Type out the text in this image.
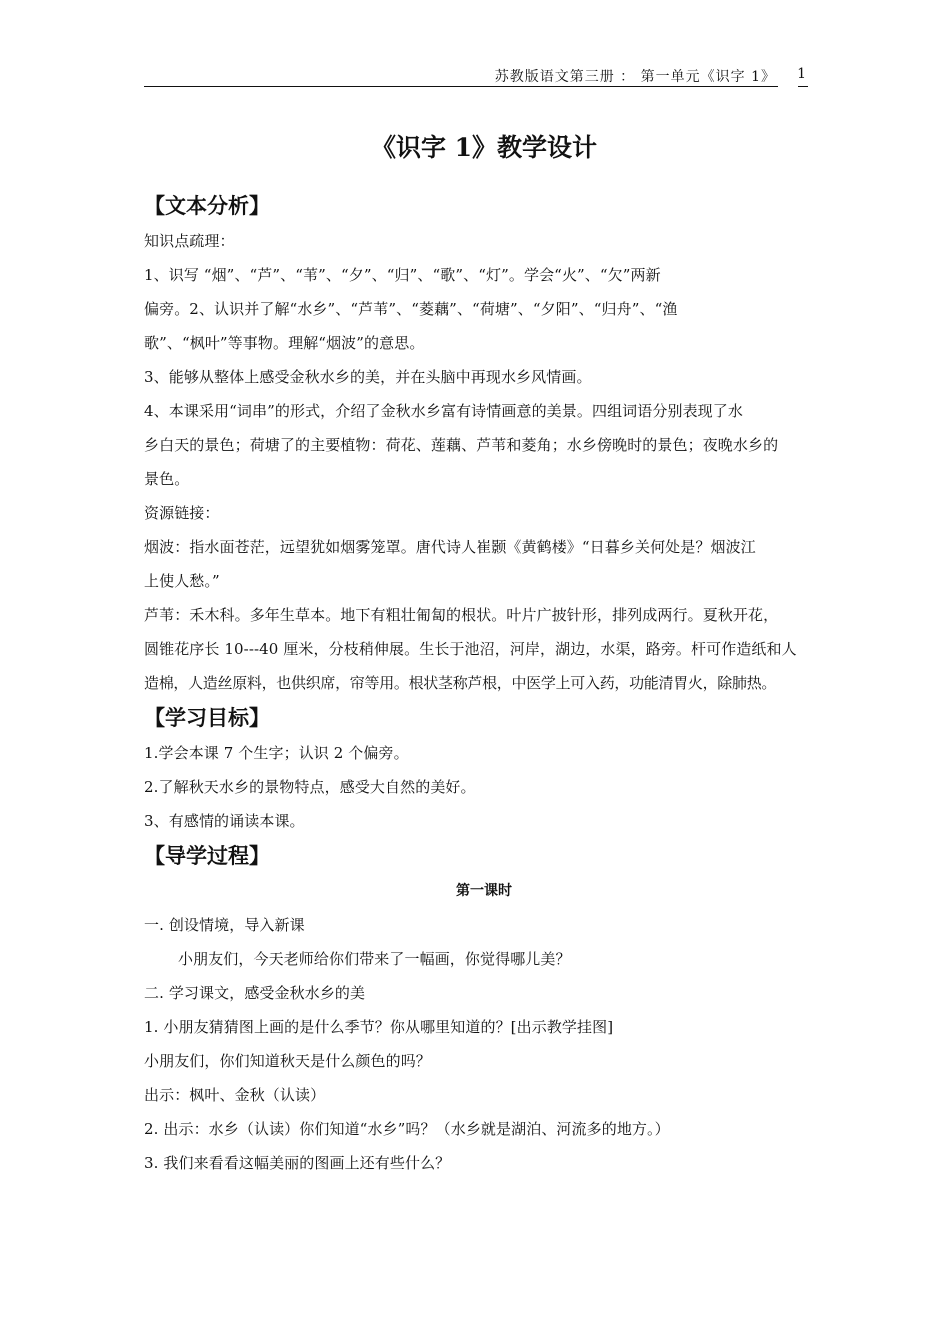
苏教版语文第三册 ： 第一单元《识字 1》 1
《识字 1》教学设计
【文本分析】

知识点疏理：

1、识写 “烟”、“芦”、“苇”、“夕”、“归”、“歌”、“灯”。学会“火”、“欠”两新

偏旁。2、认识并了解“水乡”、“芦苇”、“菱藕”、“荷塘”、“夕阳”、“归舟”、“渔

歌”、“枫叶”等事物。理解“烟波”的意思。

3、能够从整体上感受金秋水乡的美，并在头脑中再现水乡风情画。

4、本课采用“词串”的形式，介绍了金秋水乡富有诗情画意的美景。四组词语分别表现了水

乡白天的景色；荷塘了的主要植物：荷花、莲藕、芦苇和菱角；水乡傍晚时的景色；夜晚水乡的

景色。

资源链接：

烟波：指水面苍茫，远望犹如烟雾笼罩。唐代诗人崔颢《黄鹤楼》“日暮乡关何处是？烟波江

上使人愁。”

芦苇：禾木科。多年生草本。地下有粗壮匍匐的根状。叶片广披针形，排列成两行。夏秋开花，

圆锥花序长 10---40 厘米，分枝稍伸展。生长于池沼，河岸，湖边，水渠，路旁。杆可作造纸和人

造棉，人造丝原料，也供织席，帘等用。根状茎称芦根，中医学上可入药，功能清胃火，除肺热。

【学习目标】

1.学会本课 7 个生字；认识 2 个偏旁。

2.了解秋天水乡的景物特点，感受大自然的美好。

3、有感情的诵读本课。

【导学过程】

第一课时

一. 创设情境，导入新课

小朋友们，今天老师给你们带来了一幅画，你觉得哪儿美？

二. 学习课文，感受金秋水乡的美

1. 小朋友猜猜图上画的是什么季节？你从哪里知道的？[出示教学挂图]

小朋友们，你们知道秋天是什么颜色的吗？

出示：枫叶、金秋（认读）

2. 出示：水乡（认读）你们知道“水乡”吗？（水乡就是湖泊、河流多的地方。）

3. 我们来看看这幅美丽的图画上还有些什么？
